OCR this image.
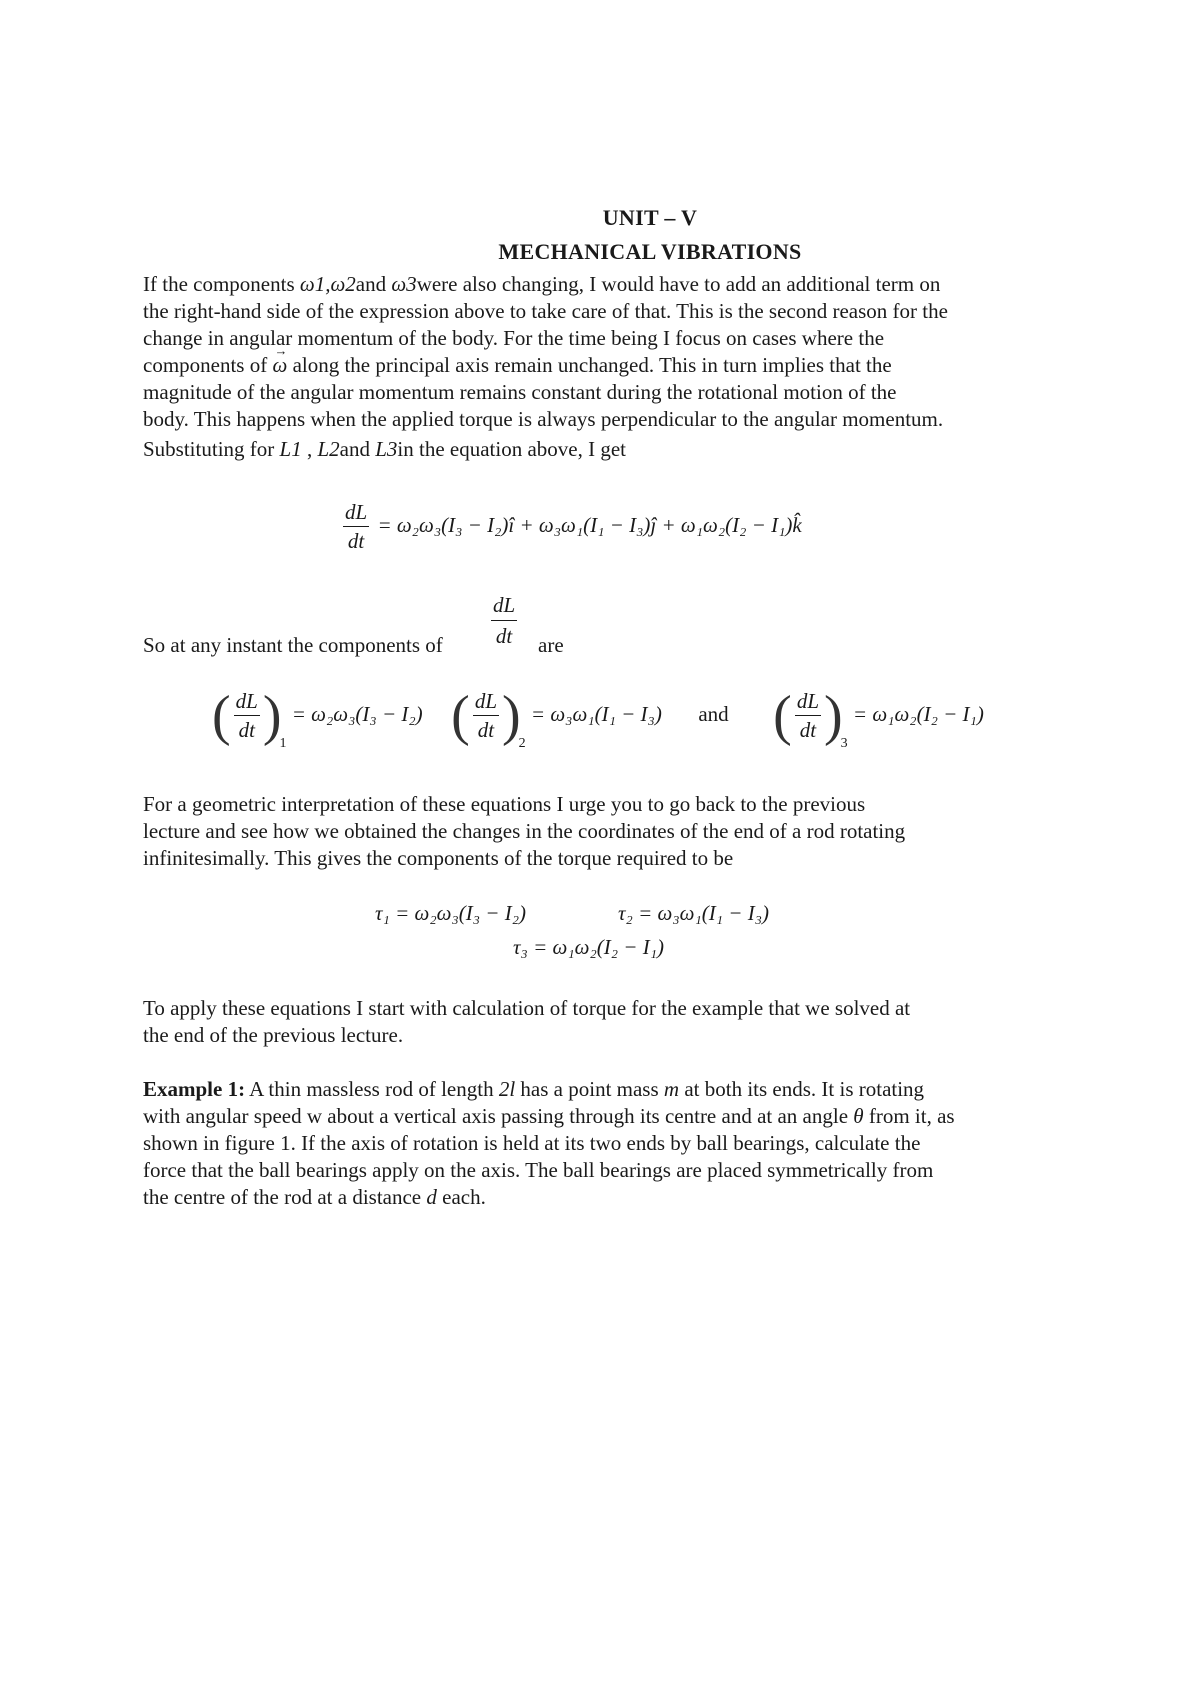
UNIT – V
MECHANICAL VIBRATIONS
If the components ω1,ω2and ω3were also changing, I would have to add an additional term on
the right-hand side of the expression above to take care of that. This is the second reason for the
change in angular momentum of the body. For the time being I focus on cases where the
components of → ω along the principal axis remain unchanged. This in turn implies that the
magnitude of the angular momentum remains constant during the rotational motion of the
body. This happens when the applied torque is always perpendicular to the angular momentum.
Substituting for L1 , L2and L3in the equation above, I get
$\frac{dL}{dt} = \omega_2\omega_3(I_3$ − I₂)î + ω₃ω₁(I₁ − I₃)ĵ + ω₁ω₂(I₂ − I₁)k̂
$\frac{dL}{dt}$
So at any instant the components of	are
( $\frac{dL}{dt} )_1 = \omega_2\omega_3(I_3 - I_2)$ ( $\frac{dL}{dt} )_2 = \omega_3\omega_1(I_1 - I_3)$ and ( $\frac{dL}{dt} )_3 = \omega_1\omega_2(I_2 - I_1)$
For a geometric interpretation of these equations I urge you to go back to the previous
lecture and see how we obtained the changes in the coordinates of the end of a rod rotating
infinitesimally. This gives the components of the torque required to be
τ₁ = ω₂ω₃(I₃ − I₂)	τ₂ = ω₃ω₁(I₁ − I₃)
τ₃ = ω₁ω₂(I₂ − I₁)
To apply these equations I start with calculation of torque for the example that we solved at
the end of the previous lecture.
Example 1: A thin massless rod of length 2l has a point mass m at both its ends. It is rotating
with angular speed w about a vertical axis passing through its centre and at an angle θ from it, as
shown in figure 1. If the axis of rotation is held at its two ends by ball bearings, calculate the
force that the ball bearings apply on the axis. The ball bearings are placed symmetrically from
the centre of the rod at a distance d each.
